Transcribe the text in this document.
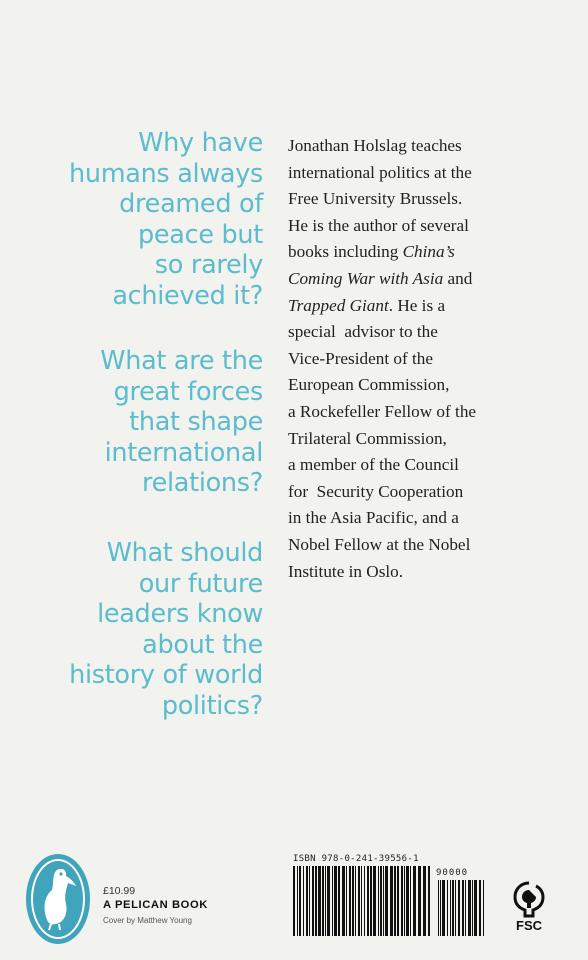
Why have
humans always
dreamed of
peace but
so rarely
achieved it?
What are the
great forces
that shape
international
relations?
What should
our future
leaders know
about the
history of world
politics?
Jonathan Holslag teaches
international politics at the
Free University Brussels.
He is the author of several
books including China’s
Coming War with Asia and
Trapped Giant. He is a
special  advisor to the
Vice-President of the
European Commission,
a Rockefeller Fellow of the
Trilateral Commission,
a member of the Council
for  Security Cooperation
in the Asia Pacific, and a
Nobel Fellow at the Nobel
Institute in Oslo.
£10.99
A PELICAN BOOK
Cover by Matthew Young
ISBN 978-0-241-39556-1
90000
FSC
